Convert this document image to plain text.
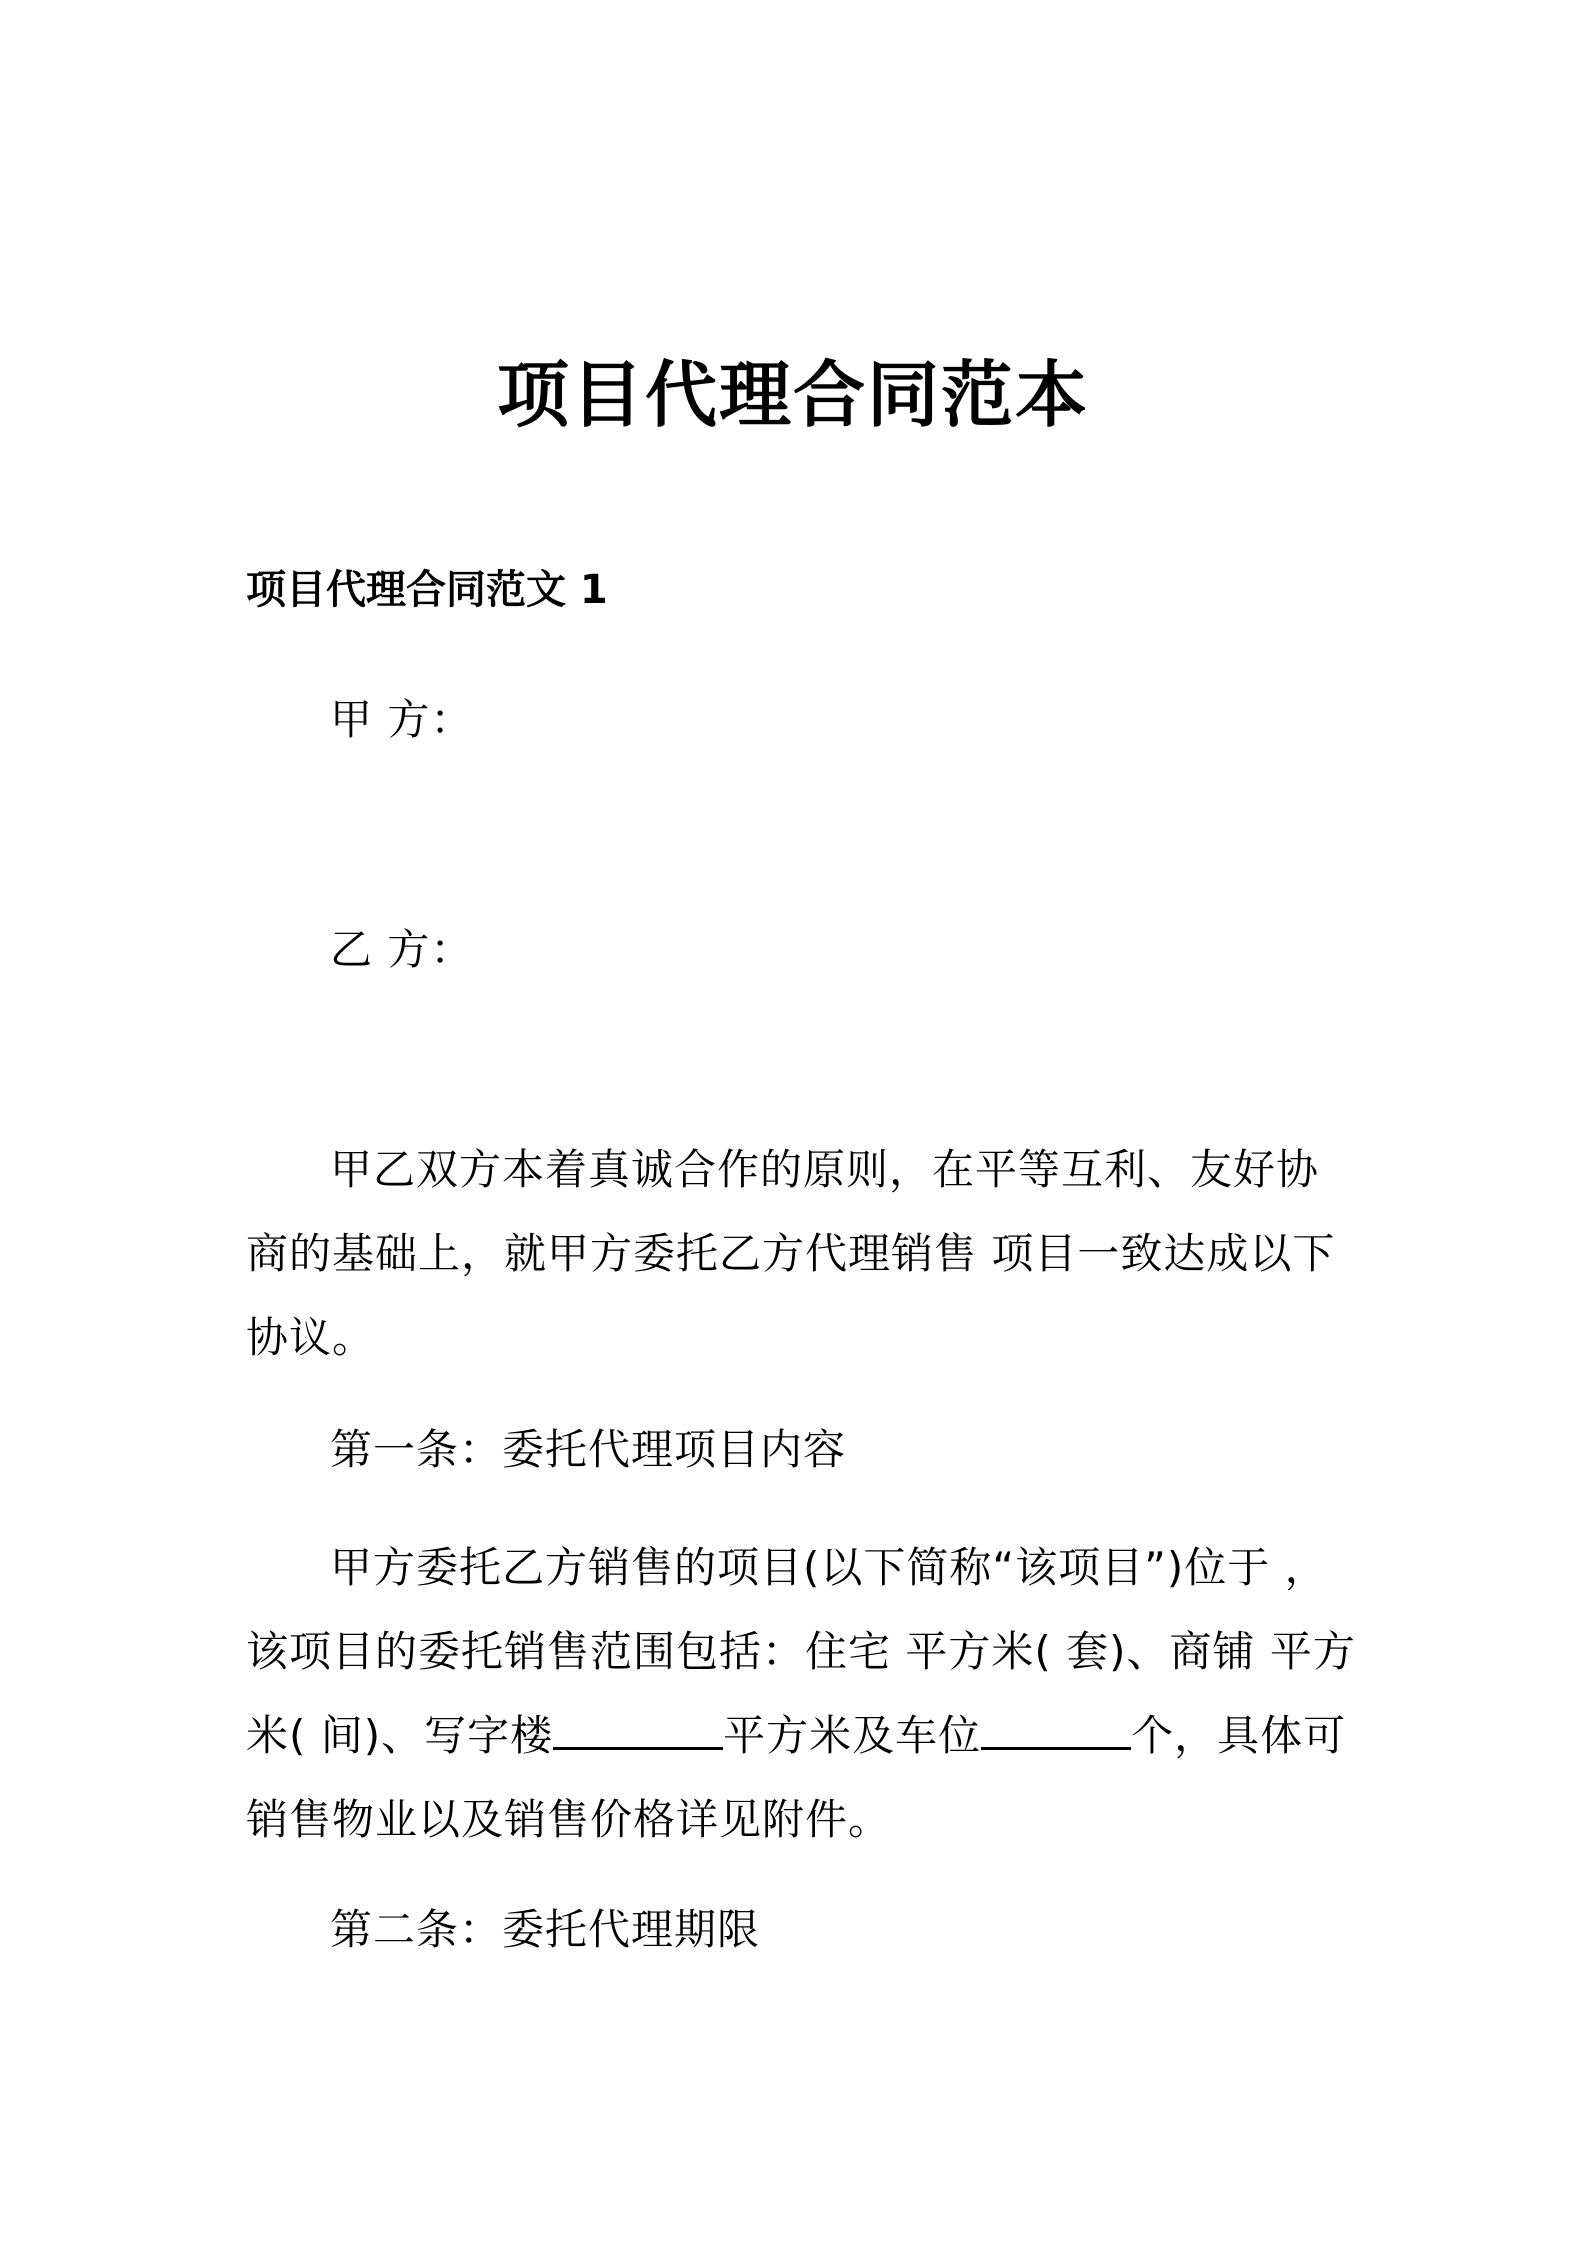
项目代理合同范本
项目代理合同范文 1

甲 方：

乙 方：

甲乙双方本着真诚合作的原则，在平等互利、友好协商的基础上，就甲方委托乙方代理销售 项目一致达成以下协议。

第一条：委托代理项目内容

甲方委托乙方销售的项目(以下简称“该项目”)位于 ，该项目的委托销售范围包括：住宅 平方米( 套)、商铺 平方米( 间)、写字楼	平方米及车位	个，具体可销售物业以及销售价格详见附件。

第二条：委托代理期限
